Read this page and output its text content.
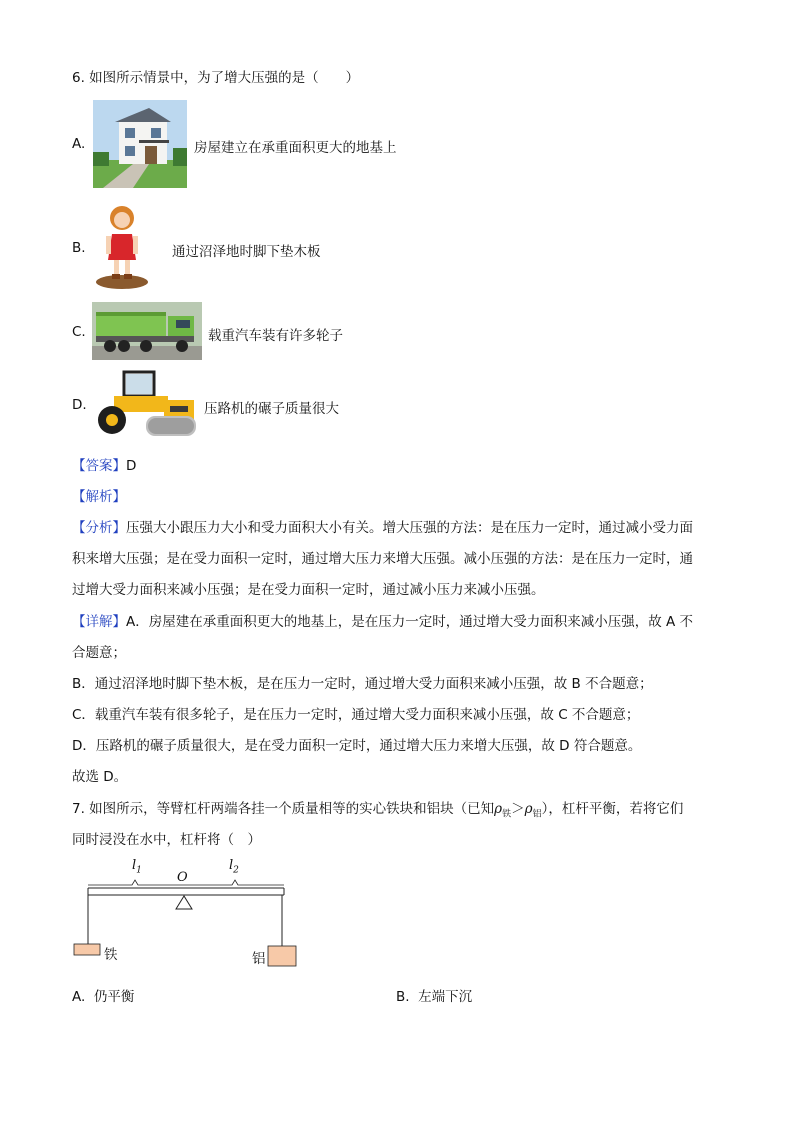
6. 如图所示情景中，为了增大压强的是（　　）
A.	房屋建立在承重面积更大的地基上
B.	通过沼泽地时脚下垫木板
C.	载重汽车装有许多轮子
D.	压路机的碾子质量很大
【答案】D
【解析】
【分析】压强大小跟压力大小和受力面积大小有关。增大压强的方法：是在压力一定时，通过减小受力面
积来增大压强；是在受力面积一定时，通过增大压力来增大压强。减小压强的方法：是在压力一定时，通
过增大受力面积来减小压强；是在受力面积一定时，通过减小压力来减小压强。
【详解】A．房屋建在承重面积更大的地基上，是在压力一定时，通过增大受力面积来减小压强，故 A 不
合题意；
B．通过沼泽地时脚下垫木板，是在压力一定时，通过增大受力面积来减小压强，故 B 不合题意；
C．载重汽车装有很多轮子，是在压力一定时，通过增大受力面积来减小压强，故 C 不合题意；
D．压路机的碾子质量很大，是在受力面积一定时，通过增大压力来增大压强，故 D 符合题意。
故选 D。
7. 如图所示，等臂杠杆两端各挂一个质量相等的实心铁块和铝块（已知$\rho_铁>\rho_铝$），杠杆平衡，若将它们
同时浸没在水中，杠杆将（　）
$l_1$	$l_2$
O
铁	铝
A. 仍平衡	B. 左端下沉
